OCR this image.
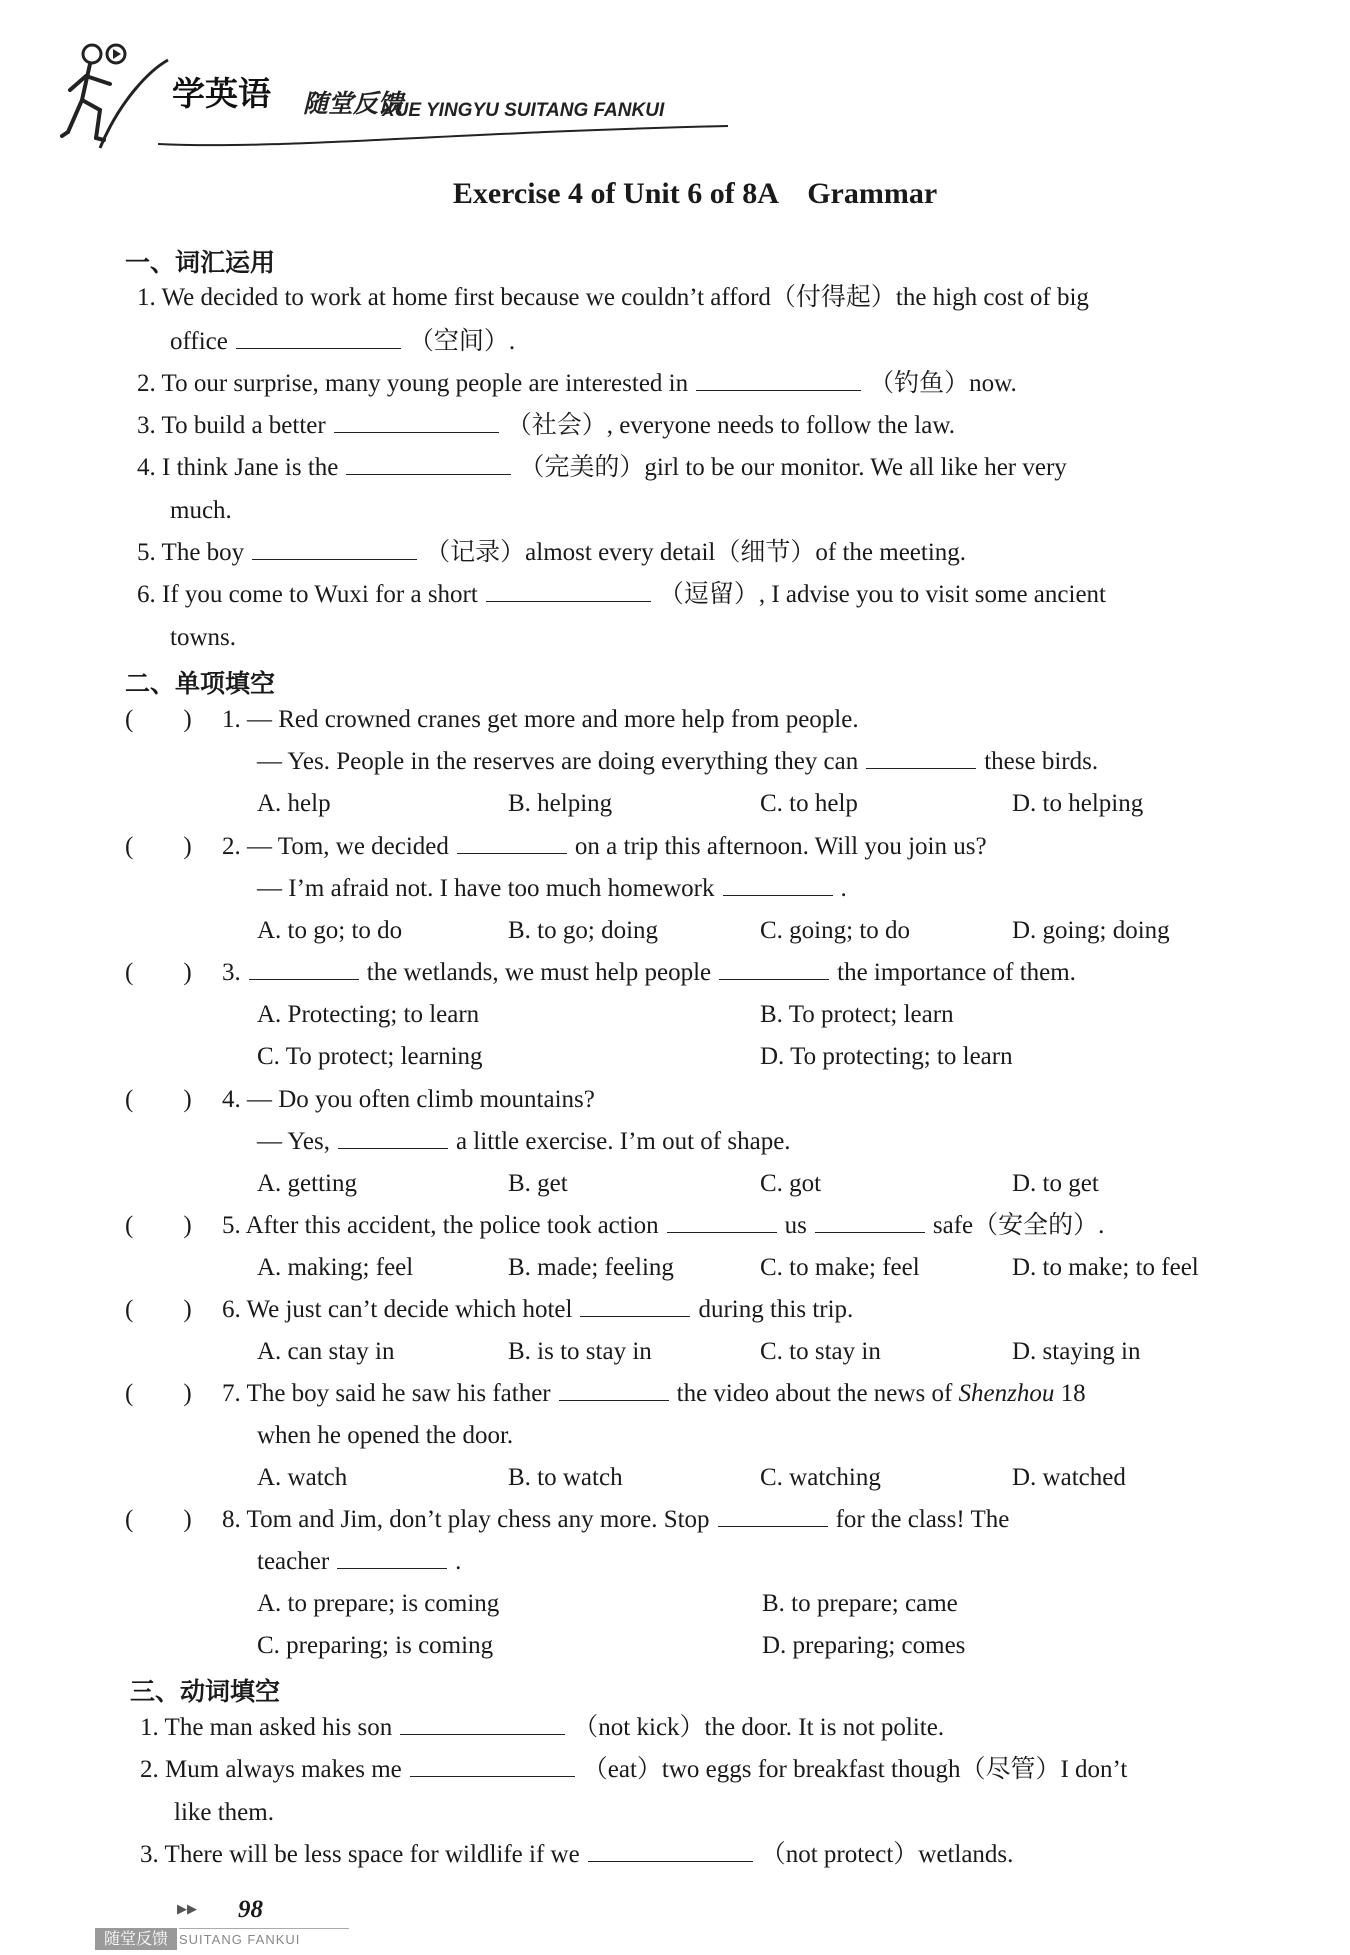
学英语 随堂反馈
XUE YINGYU SUITANG FANKUI
Exercise 4 of Unit 6 of 8A　Grammar
一、词汇运用
1. We decided to work at home first because we couldn’t afford（付得起）the high cost of big
office	（空间）.
2. To our surprise, many young people are interested in	（钓鱼）now.
3. To build a better	（社会）, everyone needs to follow the law.
4. I think Jane is the	（完美的）girl to be our monitor. We all like her very
much.
5. The boy	（记录）almost every detail（细节）of the meeting.
6. If you come to Wuxi for a short	（逗留）, I advise you to visit some ancient
towns.
二、单项填空
(　　) 1. — Red crowned cranes get more and more help from people.
— Yes. People in the reserves are doing everything they can	these birds.
A. help	B. helping	C. to help	D. to helping
(　　) 2. — Tom, we decided	on a trip this afternoon. Will you join us?
— I’m afraid not. I have too much homework	.
A. to go; to do	B. to go; doing	C. going; to do	D. going; doing
(　　) 3.	the wetlands, we must help people	the importance of them.
A. Protecting; to learn	B. To protect; learn
C. To protect; learning	D. To protecting; to learn
(　　) 4. — Do you often climb mountains?
— Yes,	a little exercise. I’m out of shape.
A. getting	B. get	C. got	D. to get
(　　) 5. After this accident, the police took action	us	safe（安全的）.
A. making; feel	B. made; feeling	C. to make; feel	D. to make; to feel
(　　) 6. We just can’t decide which hotel	during this trip.
A. can stay in	B. is to stay in	C. to stay in	D. staying in
(　　) 7. The boy said he saw his father	the video about the news of Shenzhou 18
when he opened the door.
A. watch	B. to watch	C. watching	D. watched
(　　) 8. Tom and Jim, don’t play chess any more. Stop	for the class! The
teacher	.
A. to prepare; is coming	B. to prepare; came
C. preparing; is coming	D. preparing; comes
三、动词填空
1. The man asked his son	（not kick）the door. It is not polite.
2. Mum always makes me	（eat）two eggs for breakfast though（尽管）I don’t
like them.
3. There will be less space for wildlife if we	（not protect）wetlands.
▶▶ 98
随堂反馈 SUITANG FANKUI
